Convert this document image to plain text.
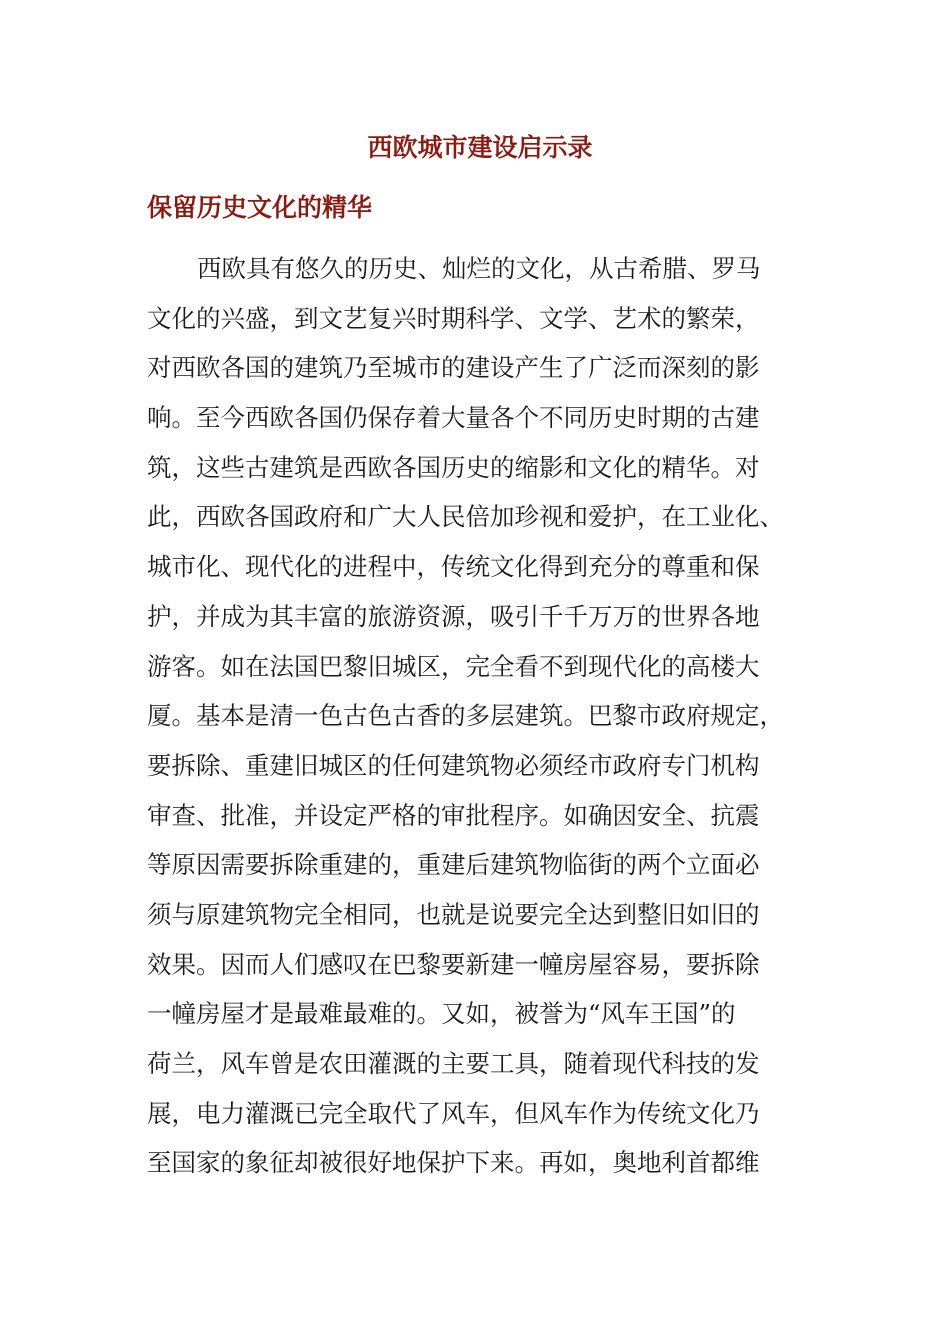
西欧城市建设启示录
保留历史文化的精华
西欧具有悠久的历史、灿烂的文化，从古希腊、罗马
文化的兴盛，到文艺复兴时期科学、文学、艺术的繁荣，
对西欧各国的建筑乃至城市的建设产生了广泛而深刻的影
响。至今西欧各国仍保存着大量各个不同历史时期的古建
筑，这些古建筑是西欧各国历史的缩影和文化的精华。对
此，西欧各国政府和广大人民倍加珍视和爱护，在工业化、
城市化、现代化的进程中，传统文化得到充分的尊重和保
护，并成为其丰富的旅游资源，吸引千千万万的世界各地
游客。如在法国巴黎旧城区，完全看不到现代化的高楼大
厦。基本是清一色古色古香的多层建筑。巴黎市政府规定，
要拆除、重建旧城区的任何建筑物必须经市政府专门机构
审查、批准，并设定严格的审批程序。如确因安全、抗震
等原因需要拆除重建的，重建后建筑物临街的两个立面必
须与原建筑物完全相同，也就是说要完全达到整旧如旧的
效果。因而人们感叹在巴黎要新建一幢房屋容易，要拆除
一幢房屋才是最难最难的。又如，被誉为“风车王国”的
荷兰，风车曾是农田灌溉的主要工具，随着现代科技的发
展，电力灌溉已完全取代了风车，但风车作为传统文化乃
至国家的象征却被很好地保护下来。再如，奥地利首都维
